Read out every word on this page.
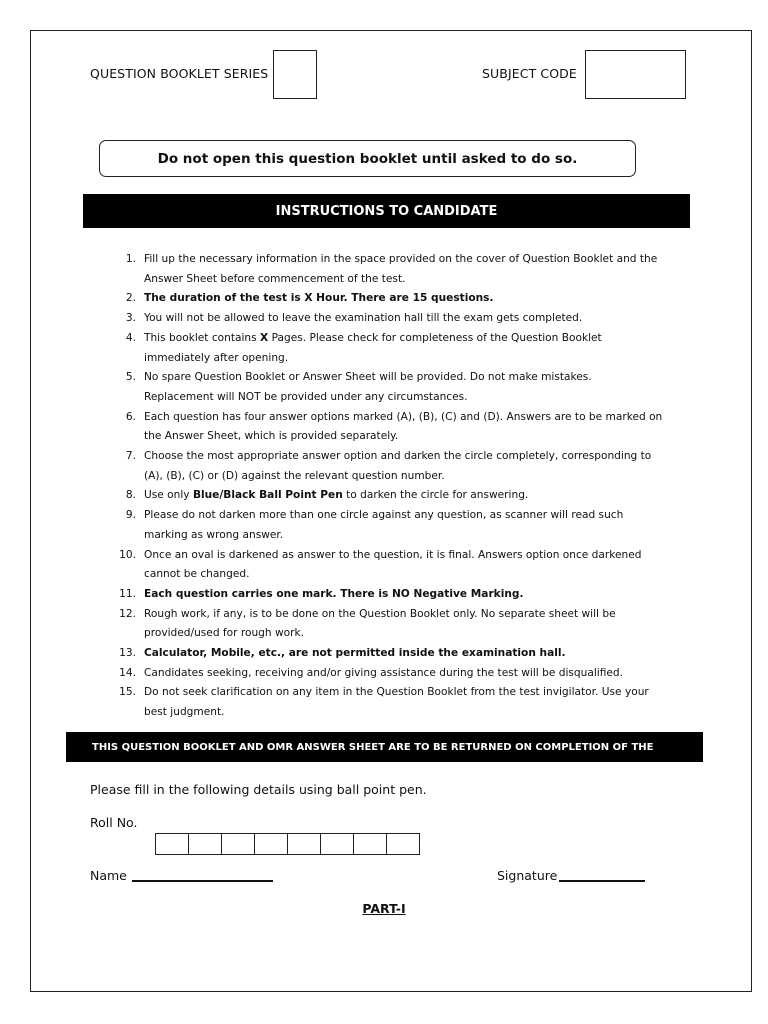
QUESTION BOOKLET SERIES	SUBJECT CODE
Do not open this question booklet until asked to do so.
INSTRUCTIONS TO CANDIDATE
1. Fill up the necessary information in the space provided on the cover of Question Booklet and the
Answer Sheet before commencement of the test.
2. The duration of the test is X Hour. There are 15 questions.
3. You will not be allowed to leave the examination hall till the exam gets completed.
4. This booklet contains X Pages. Please check for completeness of the Question Booklet
immediately after opening.
5. No spare Question Booklet or Answer Sheet will be provided. Do not make mistakes.
Replacement will NOT be provided under any circumstances.
6. Each question has four answer options marked (A), (B), (C) and (D). Answers are to be marked on
the Answer Sheet, which is provided separately.
7. Choose the most appropriate answer option and darken the circle completely, corresponding to
(A), (B), (C) or (D) against the relevant question number.
8. Use only Blue/Black Ball Point Pen to darken the circle for answering.
9. Please do not darken more than one circle against any question, as scanner will read such
marking as wrong answer.
10. Once an oval is darkened as answer to the question, it is final. Answers option once darkened
cannot be changed.
11. Each question carries one mark. There is NO Negative Marking.
12. Rough work, if any, is to be done on the Question Booklet only. No separate sheet will be
provided/used for rough work.
13. Calculator, Mobile, etc., are not permitted inside the examination hall.
14. Candidates seeking, receiving and/or giving assistance during the test will be disqualified.
15. Do not seek clarification on any item in the Question Booklet from the test invigilator. Use your
best judgment.
THIS QUESTION BOOKLET AND OMR ANSWER SHEET ARE TO BE RETURNED ON COMPLETION OF THE
Please fill in the following details using ball point pen.
Roll No.
Name	Signature
PART-I
